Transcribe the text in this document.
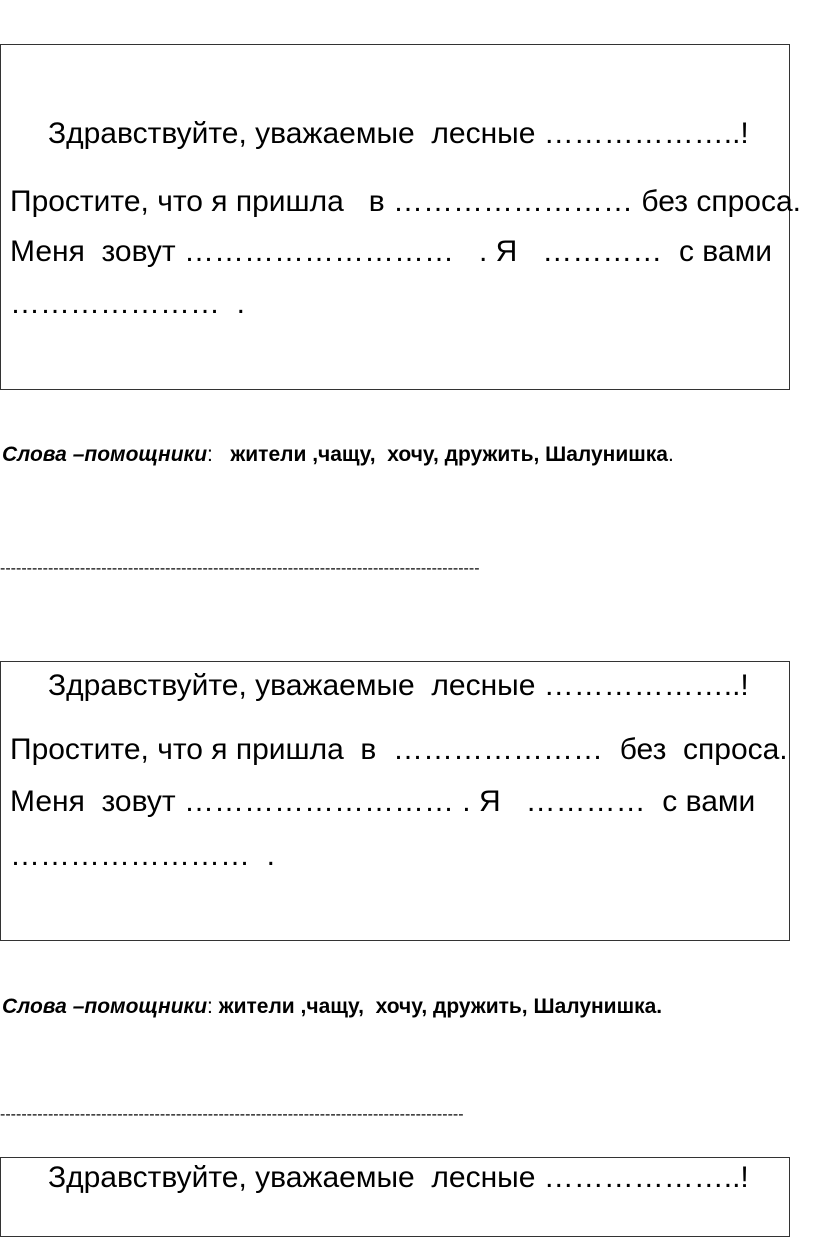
Здравствуйте, уважаемые  лесные ………………..!
Простите, что я пришла   в …………………… без спроса.
Меня  зовут ………………………   . Я   …………  с вами
…………………  .
Слова –помощники:   жители ,чащу,  хочу, дружить, Шалунишка.
------------------------------------------------------------------------------------------
Здравствуйте, уважаемые  лесные ………………..!
Простите, что я пришла  в  …………………  без  спроса.
Меня  зовут ……………………… . Я   …………  с вами
……………………  .
Слова –помощники: жители ,чащу,  хочу, дружить, Шалунишка.
---------------------------------------------------------------------------------------
Здравствуйте, уважаемые  лесные ………………..!
